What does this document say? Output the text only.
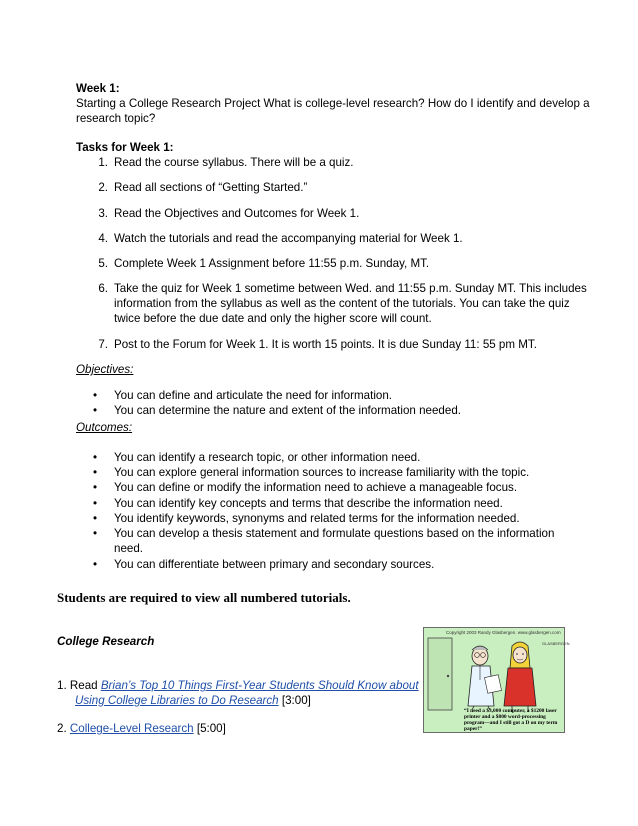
Week 1:
Starting a College Research Project What is college-level research? How do I identify and develop a
research topic?
Tasks for Week 1:
1. Read the course syllabus. There will be a quiz.
2. Read all sections of “Getting Started.”
3. Read the Objectives and Outcomes for Week 1.
4. Watch the tutorials and read the accompanying material for Week 1.
5. Complete Week 1 Assignment before 11:55 p.m. Sunday, MT.
6. Take the quiz for Week 1 sometime between Wed. and 11:55 p.m. Sunday MT. This includes
information from the syllabus as well as the content of the tutorials. You can take the quiz
twice before the due date and only the higher score will count.
7. Post to the Forum for Week 1. It is worth 15 points. It is due Sunday 11: 55 pm MT.
Objectives:
• You can define and articulate the need for information.
• You can determine the nature and extent of the information needed.
Outcomes:
• You can identify a research topic, or other information need.
• You can explore general information sources to increase familiarity with the topic.
• You can define or modify the information need to achieve a manageable focus.
• You can identify key concepts and terms that describe the information need.
• You identify keywords, synonyms and related terms for the information needed.
• You can develop a thesis statement and formulate questions based on the information
need.
• You can differentiate between primary and secondary sources.
Students are required to view all numbered tutorials.
College Research
1. Read Brian’s Top 10 Things First-Year Students Should Know about
Using College Libraries to Do Research [3:00]
2. College-Level Research [5:00]
Copyright 2003 Randy Glasbergen. www.glasbergen.com
GLASBERGEN
“I need a $3,000 computer, a $1200 laser printer and a $800 word-processing program—and I still got a D on my term paper!”
